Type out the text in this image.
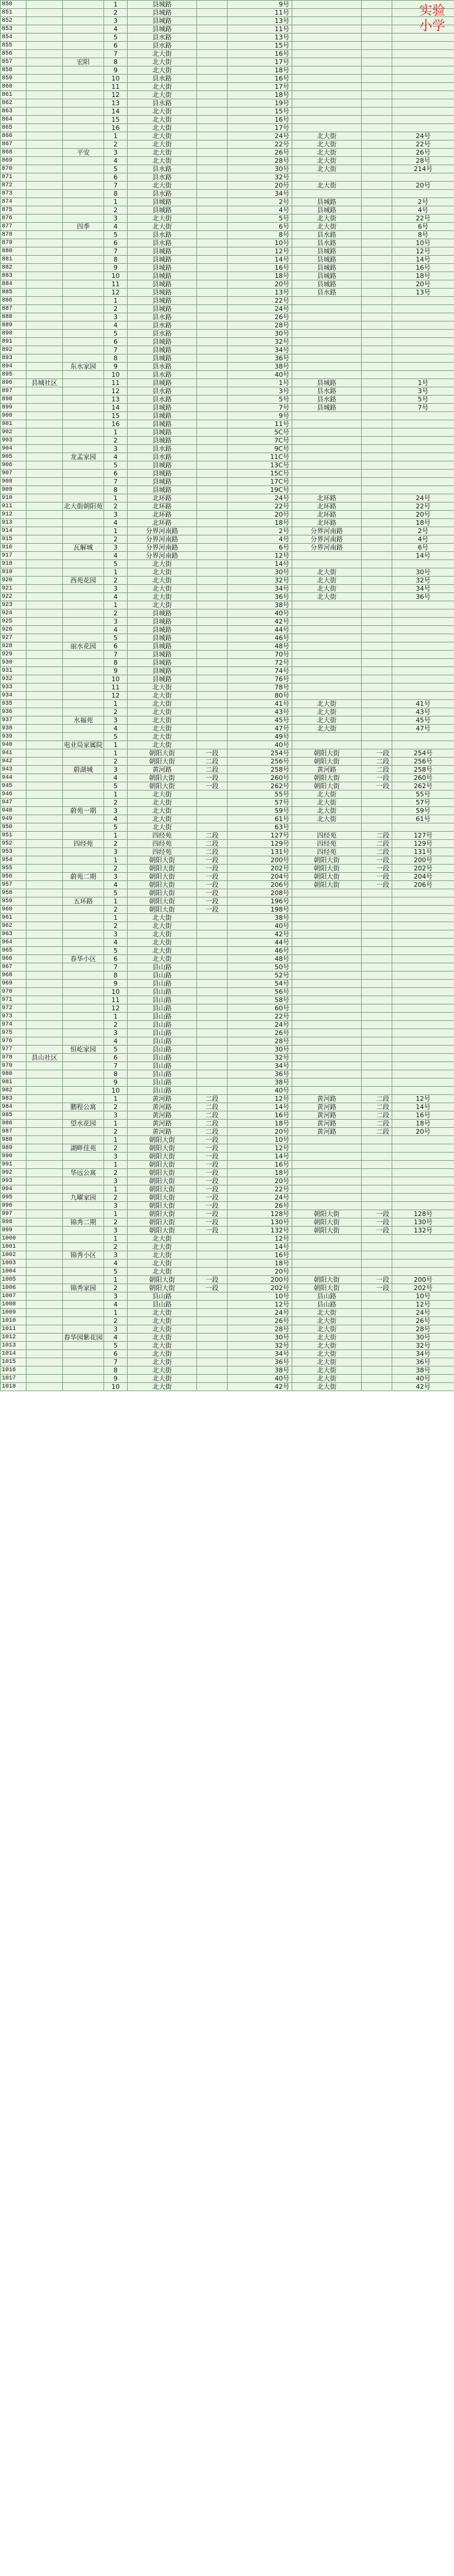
850			1	县城路		9号			
851			2	县城路		11号			
852			3	县城路		13号			
853			4	县城路		11号			
854			5	县水路		13号			
855			6	县水路		15号			
856			7	北大街		16号			
857		宏阳	8	北大街		17号			
858			9	北大街		18号			
859			10	县水路		16号			
860			11	北大街		17号			
861			12	北大街		18号			
862			13	县水路		19号			
863			14	北大街		15号			
864			15	北大街		16号			
865			16	北大街		17号			
866			1	北大街		24号	北大街		24号
867			2	北大街		22号	北大街		22号
868		平安	3	北大街		26号	北大街		26号
869			4	北大街		28号	北大街		28号
870			5	县水路		30号	北大街		214号
871			6	县水路		32号			
872			7	北大街		20号	北大街		20号
873			8	县水路		34号			
874			1	县城路		2号	县城路		2号
875			2	县城路		4号	县城路		4号
876			3	北大街		5号	北大街		22号
877		四季	4	北大街		6号	北大街		6号
878			5	县水路		8号	县水路		8号
879			6	县水路		10号	县水路		10号
880			7	县城路		12号	县城路		12号
881			8	县城路		14号	县城路		14号
882			9	县城路		16号	县城路		16号
883			10	县城路		18号	县城路		18号
884			11	县城路		20号	县城路		20号
885			12	县城路		13号	县水路		13号
886			1	县城路		22号			
887			2	县城路		24号			
888			3	县水路		26号			
889			4	县水路		28号			
890			5	县水路		30号			
891			6	县城路		32号			
892			7	县城路		34号			
893			8	县城路		36号			
894		东水家园	9	县水路		38号			
895			10	县水路		40号			
896	县城社区		11	县城路		1号	县城路		1号
897			12	县水路		3号	县水路		3号
898			13	县水路		5号	县水路		5号
899			14	县城路		7号	县城路		7号
900			15	县城路		9号			
901			16	县城路		11号			
902			1	县城路		5C号			
903			2	县城路		7C号			
904			3	县水路		9C号			
905		龙孟家园	4	县水路		11C号			
906			5	县城路		13C号			
907			6	县城路		15C号			
908			7	县城路		17C号			
909			8	县城路		19C号			
910			1	北环路		24号	北环路		24号
911		北大街朝阳苑	2	北环路		22号	北环路		22号
912			3	北环路		20号	北环路		20号
913			4	北环路		18号	北环路		18号
914			1	分界河南路		2号	分界河南路		2号
915			2	分界河南路		4号	分界河南路		4号
916		瓦解城	3	分界河南路		6号	分界河南路		6号
917			4	分界河南路		12号			14号
918			5	北大街		14号			
919			1	北大街		30号	北大街		30号
920		西苑花园	2	北大街		32号	北大街		32号
921			3	北大街		34号	北大街		34号
922			4	北大街		36号	北大街		36号
923			1	北大街		38号			
924			2	县城路		40号			
925			3	县城路		42号			
926			4	县城路		44号			
927			5	县城路		46号			
928		丽水花园	6	县城路		48号			
929			7	县城路		70号			
930			8	县城路		72号			
931			9	县城路		74号			
932			10	县城路		76号			
933			11	北大街		78号			
934			12	北大街		80号			
935			1	北大街		41号	北大街		41号
936			2	北大街		43号	北大街		43号
937		水福苑	3	北大街		45号	北大街		45号
938			4	北大街		47号	北大街		47号
939			5	北大街		49号			
940		电业局家属院	1	北大街		40号			
941			1	朝阳大街	一段	254号	朝阳大街	一段	254号
942			2	朝阳大街	二段	256号	朝阳大街	二段	256号
943		蔚湖城	3	黄河路	二段	258号	黄河路	二段	258号
944			4	朝阳大街	一段	260号	朝阳大街	一段	260号
945			5	朝阳大街	一段	262号	朝阳大街	一段	262号
946			1	北大街		55号	北大街		55号
947			2	北大街		57号	北大街		57号
948		蔚苑一期	3	北大街		59号	北大街		59号
949			4	北大街		61号	北大街		61号
950			5	北大街		63号			
951			1	四经苑	二段	127号	四经苑	二段	127号
952		四经苑	2	四经苑	二段	129号	四经苑	二段	129号
953			3	四经苑	二段	131号	四经苑	二段	131号
954			1	朝阳大街	一段	200号	朝阳大街	一段	200号
955			2	朝阳大街	一段	202号	朝阳大街	一段	202号
956		蔚苑二期	3	朝阳大街	一段	204号	朝阳大街	一段	204号
957			4	朝阳大街	一段	206号	朝阳大街	一段	206号
958			5	朝阳大街	一段	208号			
959		五环路	1	朝阳大街	一段	196号			
960			2	朝阳大街	一段	198号			
961			1	北大街		38号			
962			2	北大街		40号			
963			3	北大街		42号			
964			4	北大街		44号			
965			5	北大街		46号			
966		春华小区	6	北大街		48号			
967			7	县山路		50号			
968			8	县山路		52号			
969			9	县山路		54号			
970			10	县山路		56号			
971			11	县山路		58号			
972			12	县山路		60号			
973			1	县山路		22号			
974			2	县山路		24号			
975			3	县山路		26号			
976			4	县山路		28号			
977		恒屹家园	5	县山路		30号			
978	县山社区		6	县山路		32号			
979			7	县山路		34号			
980			8	县山路		36号			
981			9	县山路		38号			
982			10	县山路		40号			
983			1	黄河路	二段	12号	黄河路	二段	12号
984		鹏程公寓	2	黄河路	二段	14号	黄河路	二段	14号
985			3	黄河路	二段	16号	黄河路	二段	16号
986		望水花园	1	黄河路	二段	18号	黄河路	二段	18号
987			2	黄河路	二段	20号	黄河路	二段	20号
988			1	朝阳大街	一段	10号			
989		湖畔佳苑	2	朝阳大街	一段	12号			
990			3	朝阳大街	一段	14号			
991			1	朝阳大街	一段	16号			
992		华远公寓	2	朝阳大街	一段	18号			
993			3	朝阳大街	一段	20号			
994			1	朝阳大街	一段	22号			
995		九曜家园	2	朝阳大街	一段	24号			
996			3	朝阳大街	一段	26号			
997			1	朝阳大街	一段	128号	朝阳大街	一段	128号
998		锦秀二期	2	朝阳大街	一段	130号	朝阳大街	一段	130号
999			3	朝阳大街	一段	132号	朝阳大街	一段	132号
1000			1	北大街		12号			
1001			2	北大街		14号			
1002		锦秀小区	3	北大街		16号			
1003			4	北大街		18号			
1004			5	北大街		20号			
1005			1	朝阳大街	一段	200号	朝阳大街	一段	200号
1006		锦秀家园	2	朝阳大街	一段	202号	朝阳大街	一段	202号
1007			3	县山路		10号	县山路		10号
1008			4	县山路		12号	县山路		12号
1009			1	北大街		24号	北大街		24号
1010			2	北大街		26号	北大街		26号
1011			3	北大街		28号	北大街		28号
1012		春华园紫花园	4	北大街		30号	北大街		30号
1013			5	北大街		32号	北大街		32号
1014			6	北大街		34号	北大街		34号
1015			7	北大街		36号	北大街		36号
1016			8	北大街		38号	北大街		38号
1017			9	北大街		40号	北大街		40号
1018			10	北大街		42号	北大街		42号
实验
小学
